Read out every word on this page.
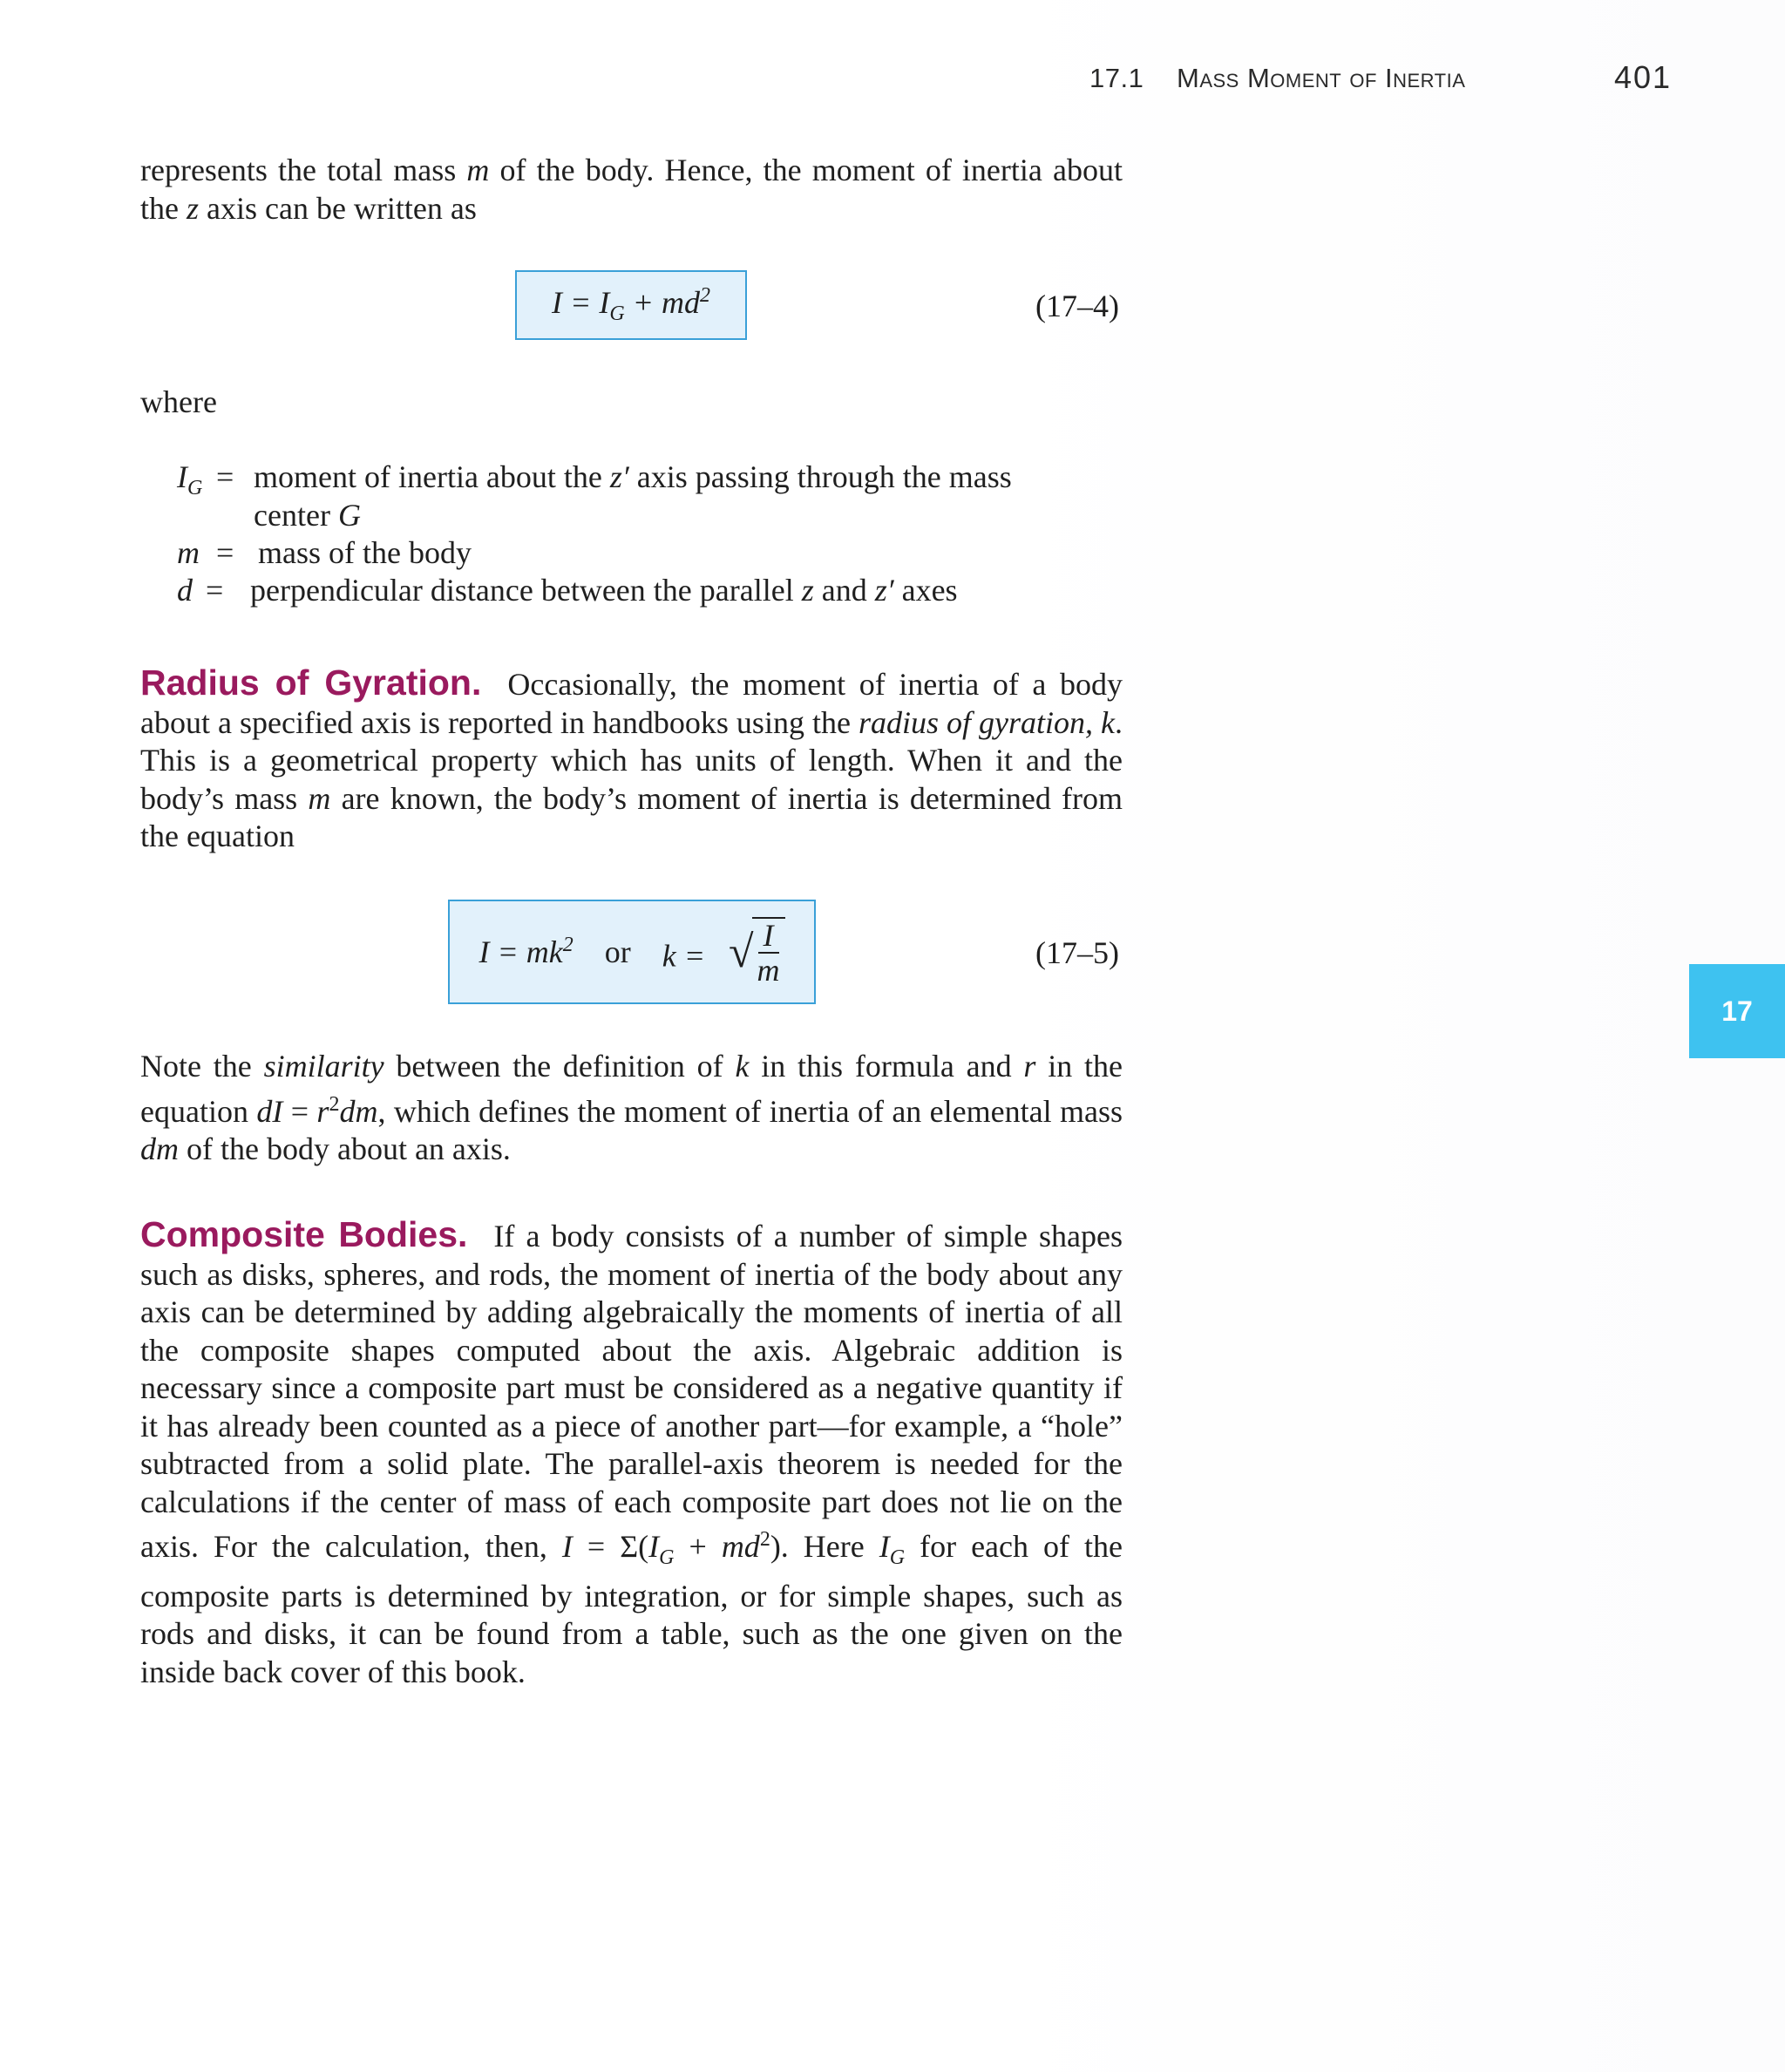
17.1 Mass Moment of Inertia	401
represents the total mass m of the body. Hence, the moment of inertia about the z axis can be written as
$I = I_G + md^2$	(17–4)
where
$I_G$ = moment of inertia about the z′ axis passing through the mass
center G
m = mass of the body
d = perpendicular distance between the parallel z and z′ axes
Radius of Gyration. Occasionally, the moment of inertia of a body about a specified axis is reported in handbooks using the radius of gyration, k. This is a geometrical property which has units of length. When it and the body’s mass m are known, the body’s moment of inertia is determined from the equation
$I = mk^2$ or k = √
$\frac{I}{m}$	(17–5)
Note the similarity between the definition of k in this formula and r in the equation dI = $r^2dm$, which defines the moment of inertia of an elemental mass dm of the body about an axis.
Composite Bodies. If a body consists of a number of simple shapes such as disks, spheres, and rods, the moment of inertia of the body about any axis can be determined by adding algebraically the moments of inertia of all the composite shapes computed about the axis. Algebraic addition is necessary since a composite part must be considered as a negative quantity if it has already been counted as a piece of another part—for example, a “hole” subtracted from a solid plate. The parallel-axis theorem is needed for the calculations if the center of mass of each composite part does not lie on the axis. For the calculation, then, $I = \Sigma(I_G + md^2)$. Here $I_G$ for each of the composite parts is determined by integration, or for simple shapes, such as rods and disks, it can be found from a table, such as the one given on the inside back cover of this book.
17
